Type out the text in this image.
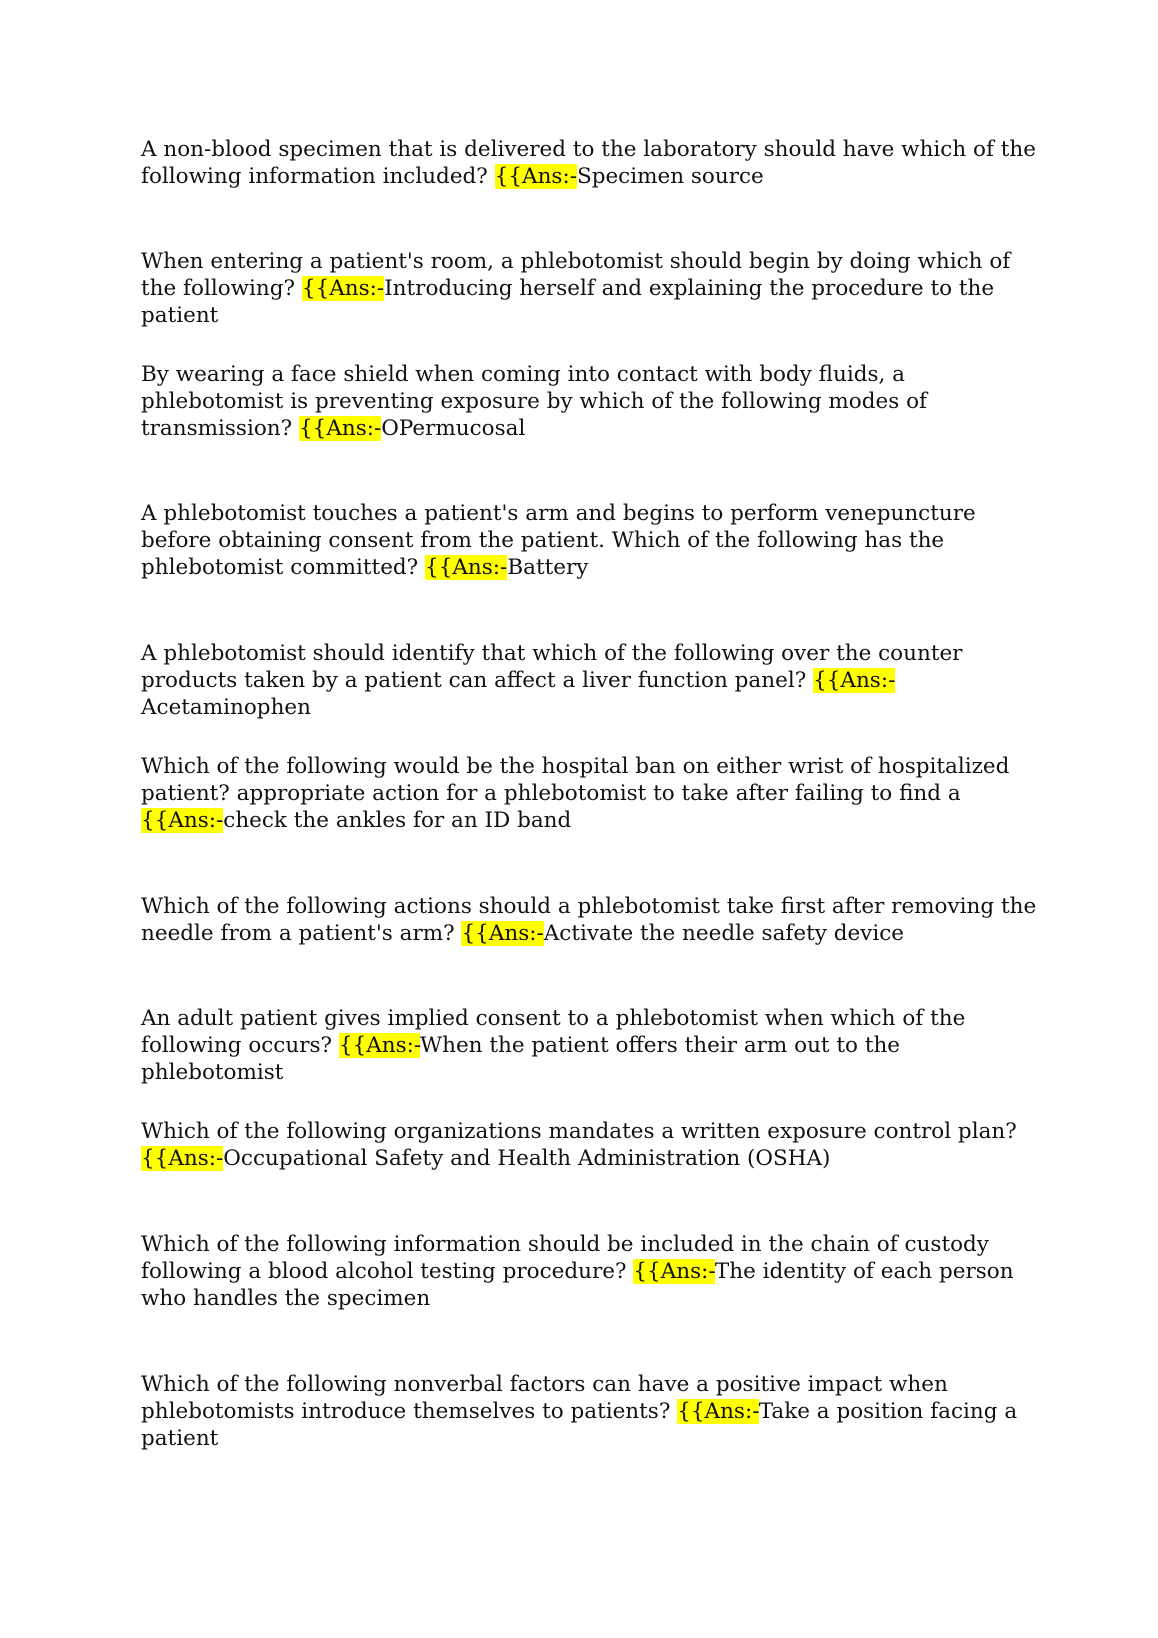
A non-blood specimen that is delivered to the laboratory should have which of the following information included? {{Ans:-Specimen source

When entering a patient's room, a phlebotomist should begin by doing which of the following? {{Ans:-Introducing herself and explaining the procedure to the patient

By wearing a face shield when coming into contact with body fluids, a phlebotomist is preventing exposure by which of the following modes of transmission? {{Ans:-OPermucosal

A phlebotomist touches a patient's arm and begins to perform venepuncture before obtaining consent from the patient. Which of the following has the phlebotomist committed? {{Ans:-Battery

A phlebotomist should identify that which of the following over the counter products taken by a patient can affect a liver function panel? {{Ans:-Acetaminophen

Which of the following would be the hospital ban on either wrist of hospitalized patient? appropriate action for a phlebotomist to take after failing to find a {{Ans:-check the ankles for an ID band

Which of the following actions should a phlebotomist take first after removing the needle from a patient's arm? {{Ans:-Activate the needle safety device

An adult patient gives implied consent to a phlebotomist when which of the following occurs? {{Ans:-When the patient offers their arm out to the phlebotomist

Which of the following organizations mandates a written exposure control plan? {{Ans:-Occupational Safety and Health Administration (OSHA)

Which of the following information should be included in the chain of custody following a blood alcohol testing procedure? {{Ans:-The identity of each person who handles the specimen

Which of the following nonverbal factors can have a positive impact when phlebotomists introduce themselves to patients? {{Ans:-Take a position facing a patient
